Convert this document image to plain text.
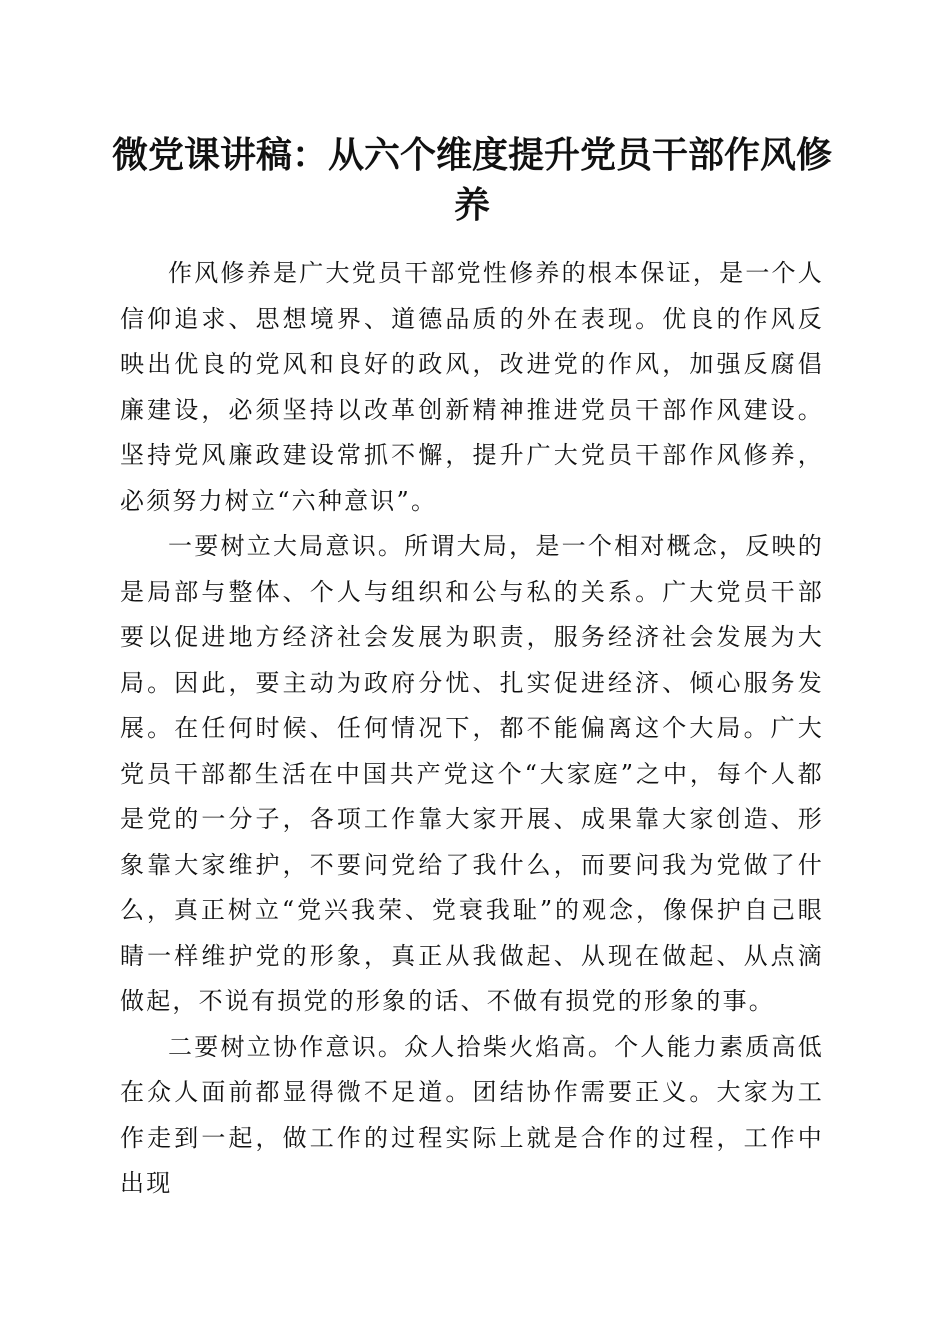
微党课讲稿：从六个维度提升党员干部作风修养

作风修养是广大党员干部党性修养的根本保证，是一个人信仰追求、思想境界、道德品质的外在表现。优良的作风反映出优良的党风和良好的政风，改进党的作风，加强反腐倡廉建设，必须坚持以改革创新精神推进党员干部作风建设。坚持党风廉政建设常抓不懈，提升广大党员干部作风修养，必须努力树立“六种意识”。

一要树立大局意识。所谓大局，是一个相对概念，反映的是局部与整体、个人与组织和公与私的关系。广大党员干部要以促进地方经济社会发展为职责，服务经济社会发展为大局。因此，要主动为政府分忧、扎实促进经济、倾心服务发展。在任何时候、任何情况下，都不能偏离这个大局。广大党员干部都生活在中国共产党这个“大家庭”之中，每个人都是党的一分子，各项工作靠大家开展、成果靠大家创造、形象靠大家维护，不要问党给了我什么，而要问我为党做了什么，真正树立“党兴我荣、党衰我耻”的观念，像保护自己眼睛一样维护党的形象，真正从我做起、从现在做起、从点滴做起，不说有损党的形象的话、不做有损党的形象的事。

二要树立协作意识。众人拾柴火焰高。个人能力素质高低在众人面前都显得微不足道。团结协作需要正义。大家为工作走到一起，做工作的过程实际上就是合作的过程，工作中出现
